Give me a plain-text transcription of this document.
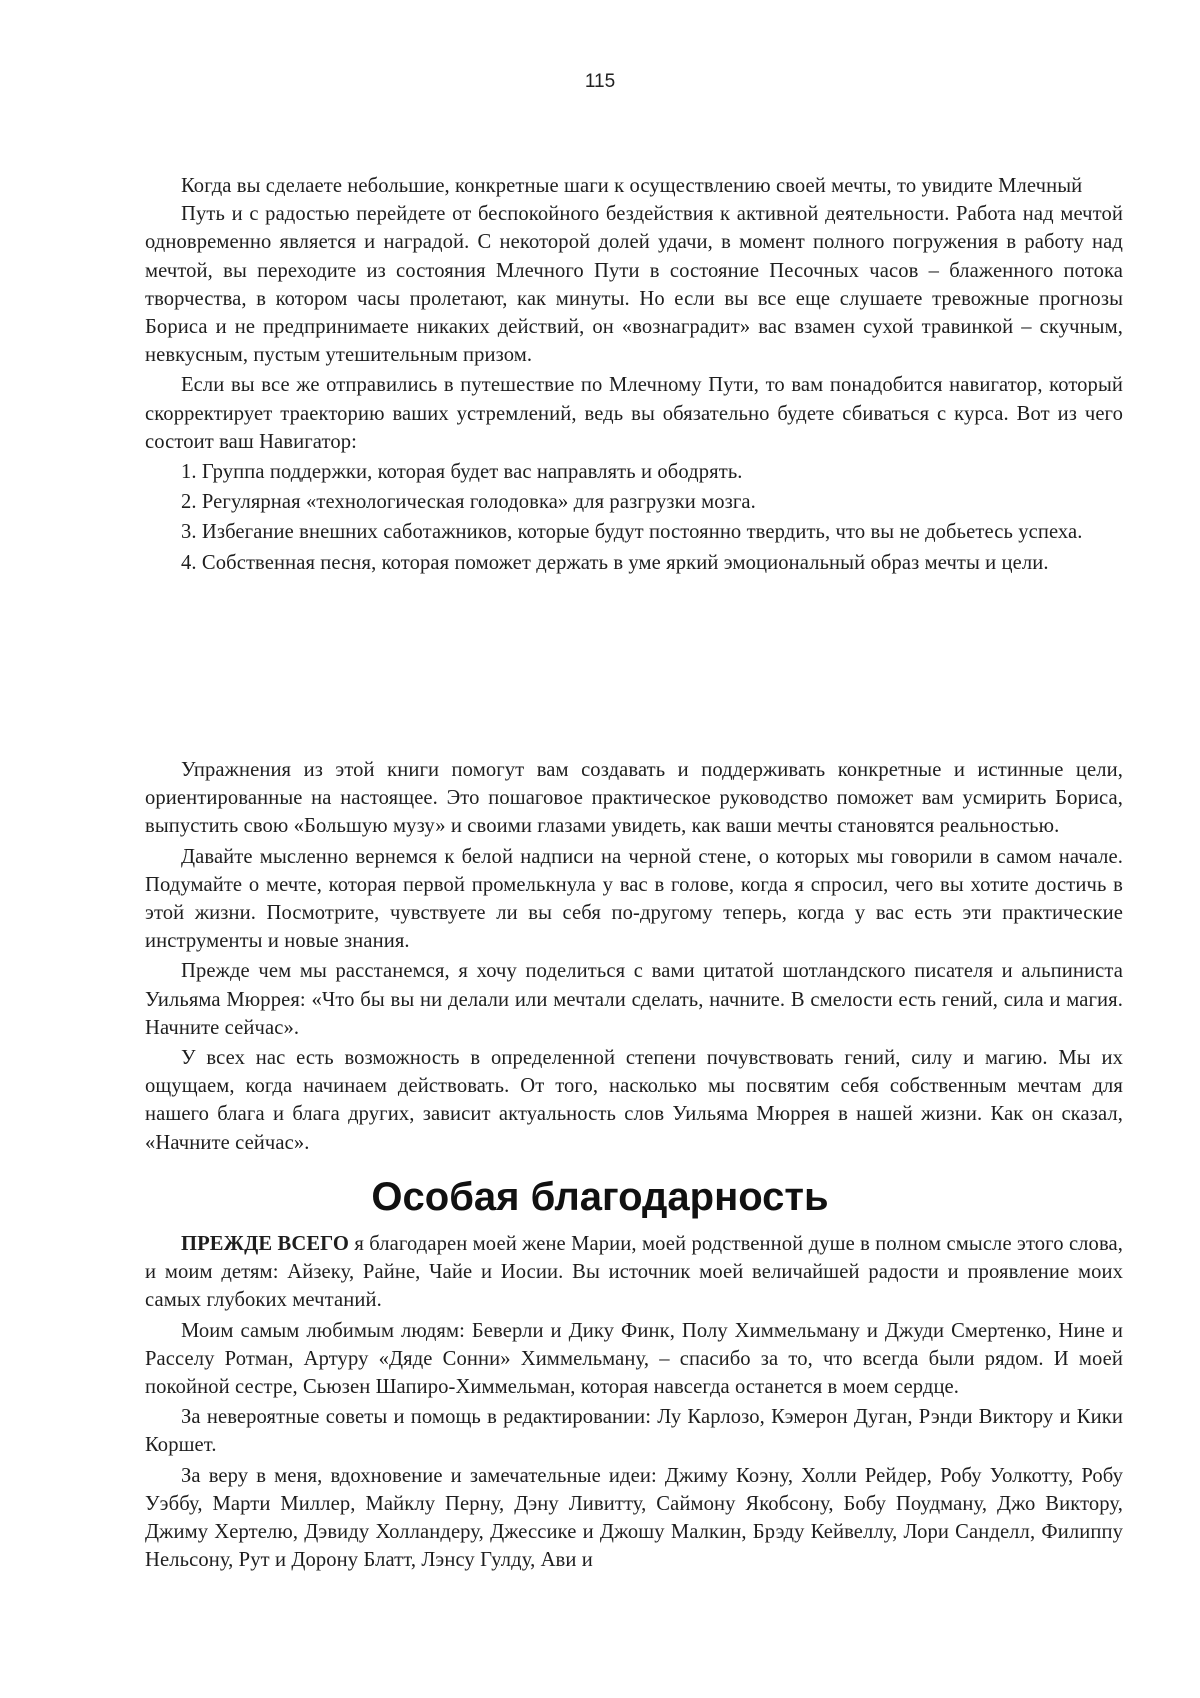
115

Когда вы сделаете небольшие, конкретные шаги к осуществлению своей мечты, то увидите Млечный

Путь и с радостью перейдете от беспокойного бездействия к активной деятельности. Работа над мечтой одновременно является и наградой. С некоторой долей удачи, в момент полного погружения в работу над мечтой, вы переходите из состояния Млечного Пути в состояние Песочных часов – блаженного потока творчества, в котором часы пролетают, как минуты. Но если вы все еще слушаете тревожные прогнозы Бориса и не предпринимаете никаких действий, он «вознаградит» вас взамен сухой травинкой – скучным, невкусным, пустым утешительным призом.

Если вы все же отправились в путешествие по Млечному Пути, то вам понадобится навигатор, который скорректирует траекторию ваших устремлений, ведь вы обязательно будете сбиваться с курса. Вот из чего состоит ваш Навигатор:

1. Группа поддержки, которая будет вас направлять и ободрять.

2. Регулярная «технологическая голодовка» для разгрузки мозга.

3. Избегание внешних саботажников, которые будут постоянно твердить, что вы не добьетесь успеха.

4. Собственная песня, которая поможет держать в уме яркий эмоциональный образ мечты и цели.

Упражнения из этой книги помогут вам создавать и поддерживать конкретные и истинные цели, ориентированные на настоящее. Это пошаговое практическое руководство поможет вам усмирить Бориса, выпустить свою «Большую музу» и своими глазами увидеть, как ваши мечты становятся реальностью.

Давайте мысленно вернемся к белой надписи на черной стене, о которых мы говорили в самом начале. Подумайте о мечте, которая первой промелькнула у вас в голове, когда я спросил, чего вы хотите достичь в этой жизни. Посмотрите, чувствуете ли вы себя по-другому теперь, когда у вас есть эти практические инструменты и новые знания.

Прежде чем мы расстанемся, я хочу поделиться с вами цитатой шотландского писателя и альпиниста Уильяма Мюррея: «Что бы вы ни делали или мечтали сделать, начните. В смелости есть гений, сила и магия. Начните сейчас».

У всех нас есть возможность в определенной степени почувствовать гений, силу и магию. Мы их ощущаем, когда начинаем действовать. От того, насколько мы посвятим себя собственным мечтам для нашего блага и блага других, зависит актуальность слов Уильяма Мюррея в нашей жизни. Как он сказал, «Начните сейчас».

Особая благодарность

ПРЕЖДЕ ВСЕГО я благодарен моей жене Марии, моей родственной душе в полном смысле этого слова, и моим детям: Айзеку, Райне, Чайе и Иосии. Вы источник моей величайшей радости и проявление моих самых глубоких мечтаний.

Моим самым любимым людям: Беверли и Дику Финк, Полу Химмельману и Джуди Смертенко, Нине и Расселу Ротман, Артуру «Дяде Сонни» Химмельману, – спасибо за то, что всегда были рядом. И моей покойной сестре, Сьюзен Шапиро-Химмельман, которая навсегда останется в моем сердце.

За невероятные советы и помощь в редактировании: Лу Карлозо, Кэмерон Дуган, Рэнди Виктору и Кики Коршет.

За веру в меня, вдохновение и замечательные идеи: Джиму Коэну, Холли Рейдер, Робу Уолкотту, Робу Уэббу, Марти Миллер, Майклу Перну, Дэну Ливитту, Саймону Якобсону, Бобу Поудману, Джо Виктору, Джиму Хертелю, Дэвиду Холландеру, Джессике и Джошу Малкин, Брэду Кейвеллу, Лори Санделл, Филиппу Нельсону, Рут и Дорону Блатт, Лэнсу Гулду, Ави и
